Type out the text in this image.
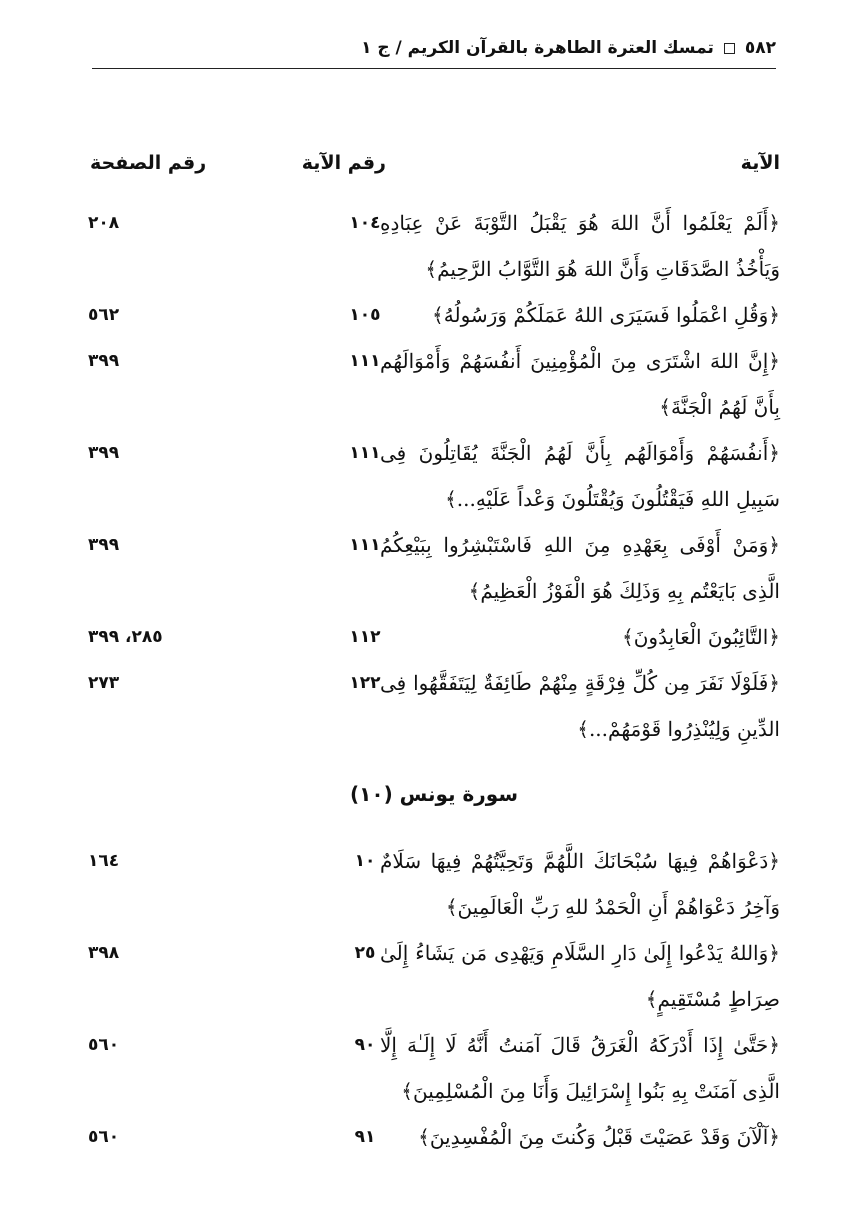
٥٨٢
تمسك العترة الطاهرة بالقرآن الكريم / ج ١
الآية
رقم الآية
رقم الصفحة
﴿أَلَمْ يَعْلَمُوا أَنَّ اللهَ هُوَ يَقْبَلُ التَّوْبَةَ عَنْ عِبَادِهِ وَيَأْخُذُ الصَّدَقَاتِ وَأَنَّ اللهَ هُوَ التَّوَّابُ الرَّحِيمُ﴾
١٠٤
٢٠٨
﴿وَقُلِ اعْمَلُوا فَسَيَرَى اللهُ عَمَلَكُمْ وَرَسُولُهُ﴾
١٠٥
٥٦٢
﴿إِنَّ اللهَ اشْتَرَى مِنَ الْمُؤْمِنِينَ أَنفُسَهُمْ وَأَمْوَالَهُم بِأَنَّ لَهُمُ الْجَنَّةَ﴾
١١١
٣٩٩
﴿أَنفُسَهُمْ وَأَمْوَالَهُم بِأَنَّ لَهُمُ الْجَنَّةَ يُقَاتِلُونَ فِى سَبِيلِ اللهِ فَيَقْتُلُونَ وَيُقْتَلُونَ وَعْداً عَلَيْهِ...﴾
١١١
٣٩٩
﴿وَمَنْ أَوْفَى بِعَهْدِهِ مِنَ اللهِ فَاسْتَبْشِرُوا بِبَيْعِكُمُ الَّذِى بَايَعْتُم بِهِ وَذَلِكَ هُوَ الْفَوْزُ الْعَظِيمُ﴾
١١١
٣٩٩
﴿التَّائِبُونَ الْعَابِدُونَ﴾
١١٢
٢٨٥، ٣٩٩
﴿فَلَوْلَا نَفَرَ مِن كُلِّ فِرْقَةٍ مِنْهُمْ طَائِفَةٌ لِيَتَفَقَّهُوا فِى الدِّينِ وَلِيُنْذِرُوا قَوْمَهُمْ...﴾
١٢٢
٢٧٣
سورة يونس (١٠)
﴿دَعْوَاهُمْ فِيهَا سُبْحَانَكَ اللَّهُمَّ وَتَحِيَّتُهُمْ فِيهَا سَلَامٌ وَآخِرُ دَعْوَاهُمْ أَنِ الْحَمْدُ للهِ رَبِّ الْعَالَمِينَ﴾
١٠
١٦٤
﴿وَاللهُ يَدْعُوا إِلَىٰ دَارِ السَّلَامِ وَيَهْدِى مَن يَشَاءُ إِلَىٰ صِرَاطٍ مُسْتَقِيمٍ﴾
٢٥
٣٩٨
﴿حَتَّىٰ إِذَا أَدْرَكَهُ الْغَرَقُ قَالَ آمَنتُ أَنَّهُ لَا إِلَـٰهَ إِلَّا الَّذِى آمَنَتْ بِهِ بَنُوا إِسْرَائِيلَ وَأَنَا مِنَ الْمُسْلِمِينَ﴾
٩٠
٥٦٠
﴿آلْآنَ وَقَدْ عَصَيْتَ قَبْلُ وَكُنتَ مِنَ الْمُفْسِدِينَ﴾
٩١
٥٦٠
